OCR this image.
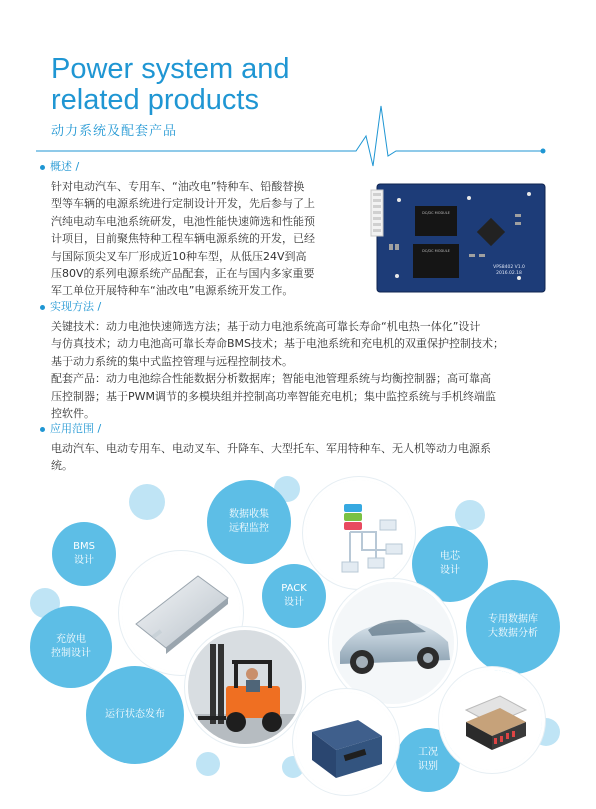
Power system and
related products
动力系统及配套产品
概述 /

针对电动汽车、专用车、“油改电”特种车、铅酸替换
型等车辆的电源系统进行定制设计开发，先后参与了上
汽纯电动车电池系统研发，电池性能快速筛选和性能预
计项目，目前聚焦特种工程车辆电源系统的开发，已经
与国际顶尖叉车厂形成近10种车型，从低压24V到高
压80V的系列电源系统产品配套，正在与国内多家重要
军工单位开展特种车“油改电”电源系统开发工作。

DC/DC MODULE
DC/DC MODULE
VPS8402 V1.0
2016.02.18
实现方法 /

关键技术：动力电池快速筛选方法；基于动力电池系统高可靠长寿命“机电热一体化”设计
与仿真技术；动力电池高可靠长寿命BMS技术；基于电池系统和充电机的双重保护控制技术；
基于动力系统的集中式监控管理与远程控制技术。
配套产品：动力电池综合性能数据分析数据库；智能电池管理系统与均衡控制器；高可靠高
压控制器；基于PWM调节的多模块组并控制高功率智能充电机；集中监控系统与手机终端监
控软件。

应用范围 /

电动汽车、电动专用车、电动叉车、升降车、大型托车、军用特种车、无人机等动力电源系
统。

BMS
设计
数据收集
远程监控
电芯
设计
PACK
设计
充放电
控制设计
专用数据库
大数据分析
运行状态发布
工况
识别
